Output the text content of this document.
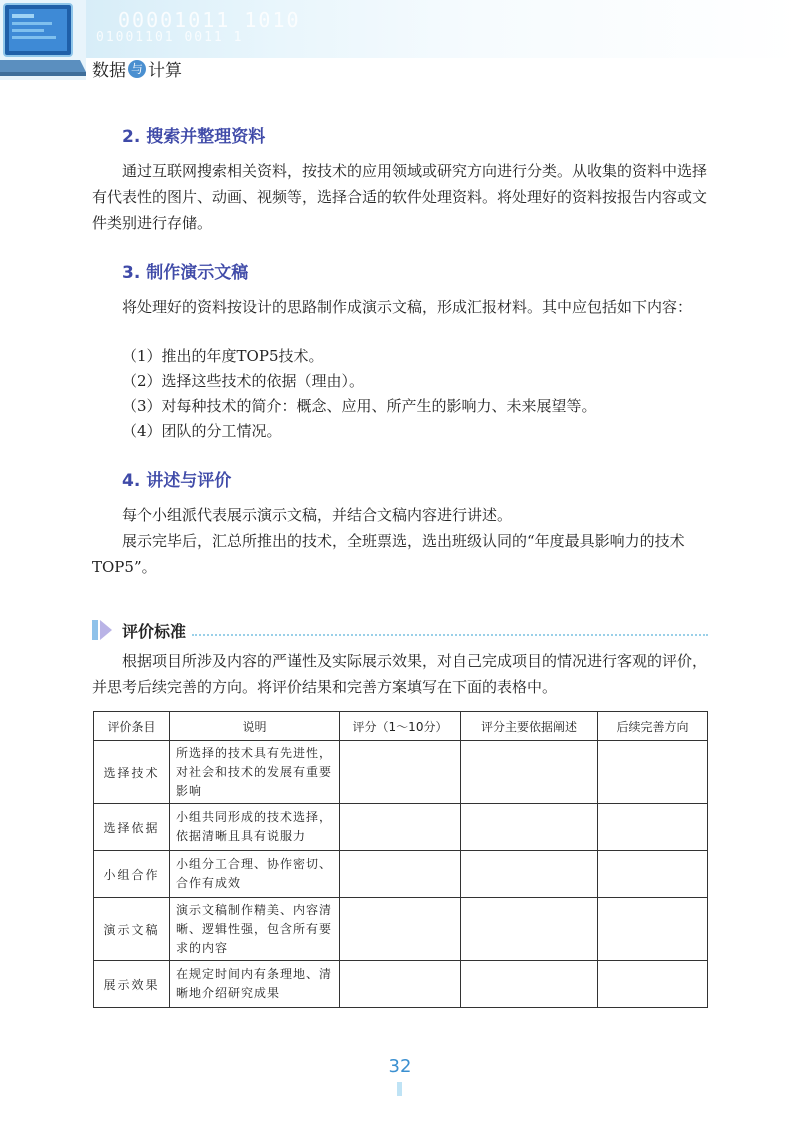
00001011 1010
01001101 0011 1
数据 与 计算
2. 搜索并整理资料

通过互联网搜索相关资料，按技术的应用领域或研究方向进行分类。从收集的资料中选择有代表性的图片、动画、视频等，选择合适的软件处理资料。将处理好的资料按报告内容或文件类别进行存储。

3. 制作演示文稿

将处理好的资料按设计的思路制作成演示文稿，形成汇报材料。其中应包括如下内容：

（1）推出的年度TOP5技术。
（2）选择这些技术的依据（理由）。
（3）对每种技术的简介：概念、应用、所产生的影响力、未来展望等。
（4）团队的分工情况。
4. 讲述与评价

每个小组派代表展示演示文稿，并结合文稿内容进行讲述。

展示完毕后，汇总所推出的技术，全班票选，选出班级认同的“年度最具影响力的技术TOP5”。

评价标准

根据项目所涉及内容的严谨性及实际展示效果，对自己完成项目的情况进行客观的评价，并思考后续完善的方向。将评价结果和完善方案填写在下面的表格中。

评价条目	说明	评分（1～10分）	评分主要依据阐述	后续完善方向
选择技术	所选择的技术具有先进性，对社会和技术的发展有重要影响			
选择依据	小组共同形成的技术选择，依据清晰且具有说服力			
小组合作	小组分工合理、协作密切、合作有成效			
演示文稿	演示文稿制作精美、内容清晰、逻辑性强，包含所有要求的内容			
展示效果	在规定时间内有条理地、清晰地介绍研究成果			
32
